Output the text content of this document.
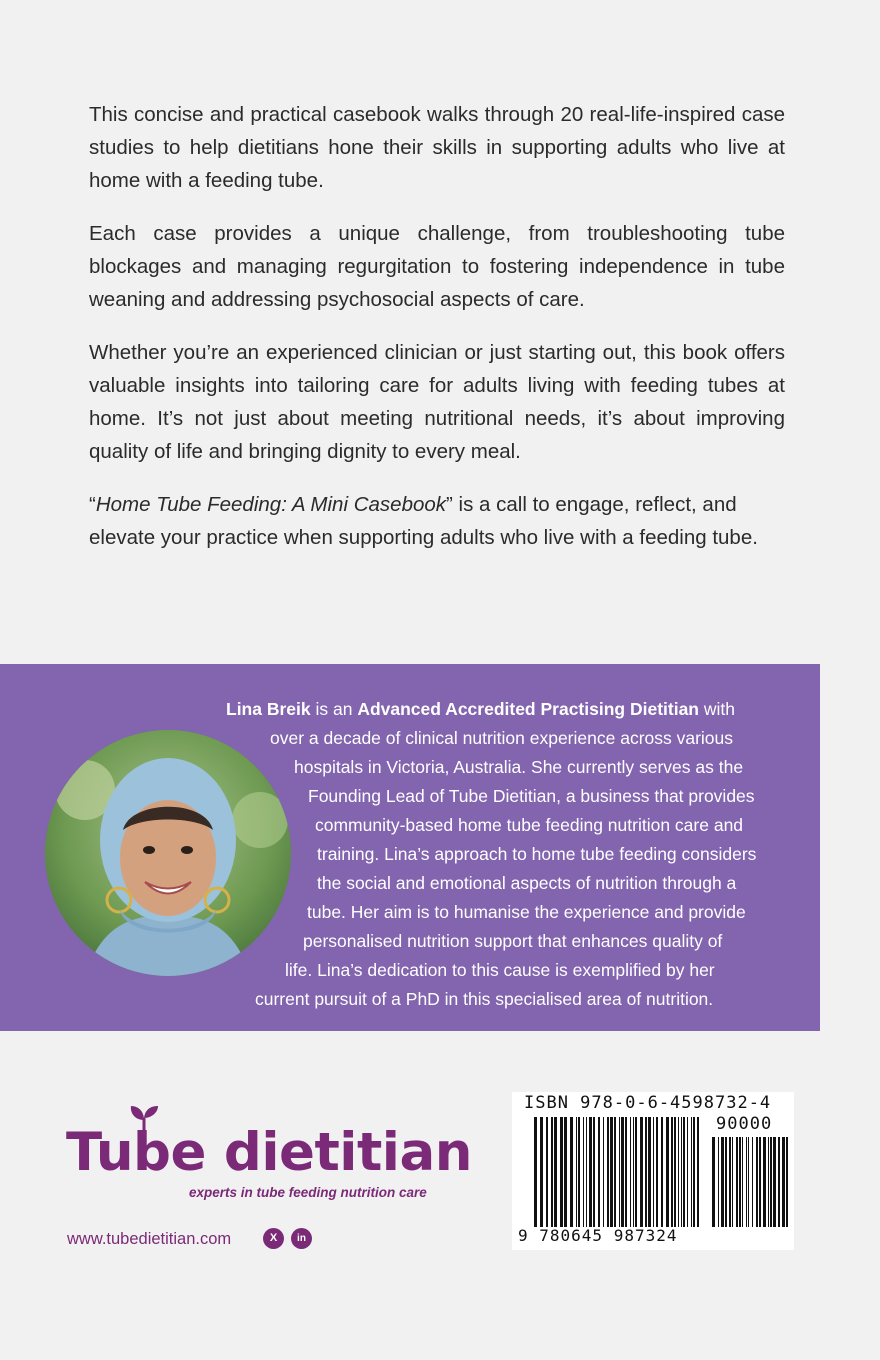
This concise and practical casebook walks through 20 real-life-inspired case studies to help dietitians hone their skills in supporting adults who live at home with a feeding tube.

Each case provides a unique challenge, from troubleshooting tube blockages and managing regurgitation to fostering independence in tube weaning and addressing psychosocial aspects of care.

Whether you’re an experienced clinician or just starting out, this book offers valuable insights into tailoring care for adults living with feeding tubes at home. It’s not just about meeting nutritional needs, it’s about improving quality of life and bringing dignity to every meal.

“Home Tube Feeding: A Mini Casebook” is a call to engage, reflect, and elevate your practice when supporting adults who live with a feeding tube.

Lina Breik is an Advanced Accredited Practising Dietitian with
over a decade of clinical nutrition experience across various
hospitals in Victoria, Australia. She currently serves as the
Founding Lead of Tube Dietitian, a business that provides
community-based home tube feeding nutrition care and
training. Lina’s approach to home tube feeding considers
the social and emotional aspects of nutrition through a
tube. Her aim is to humanise the experience and provide
personalised nutrition support that enhances quality of
life. Lina’s dedication to this cause is exemplified by her
current pursuit of a PhD in this specialised area of nutrition.
Tube dietitian
experts in tube feeding nutrition care
www.tubedietitian.com	X	in
ISBN 978-0-6-4598732-4
90000
9 780645 987324
